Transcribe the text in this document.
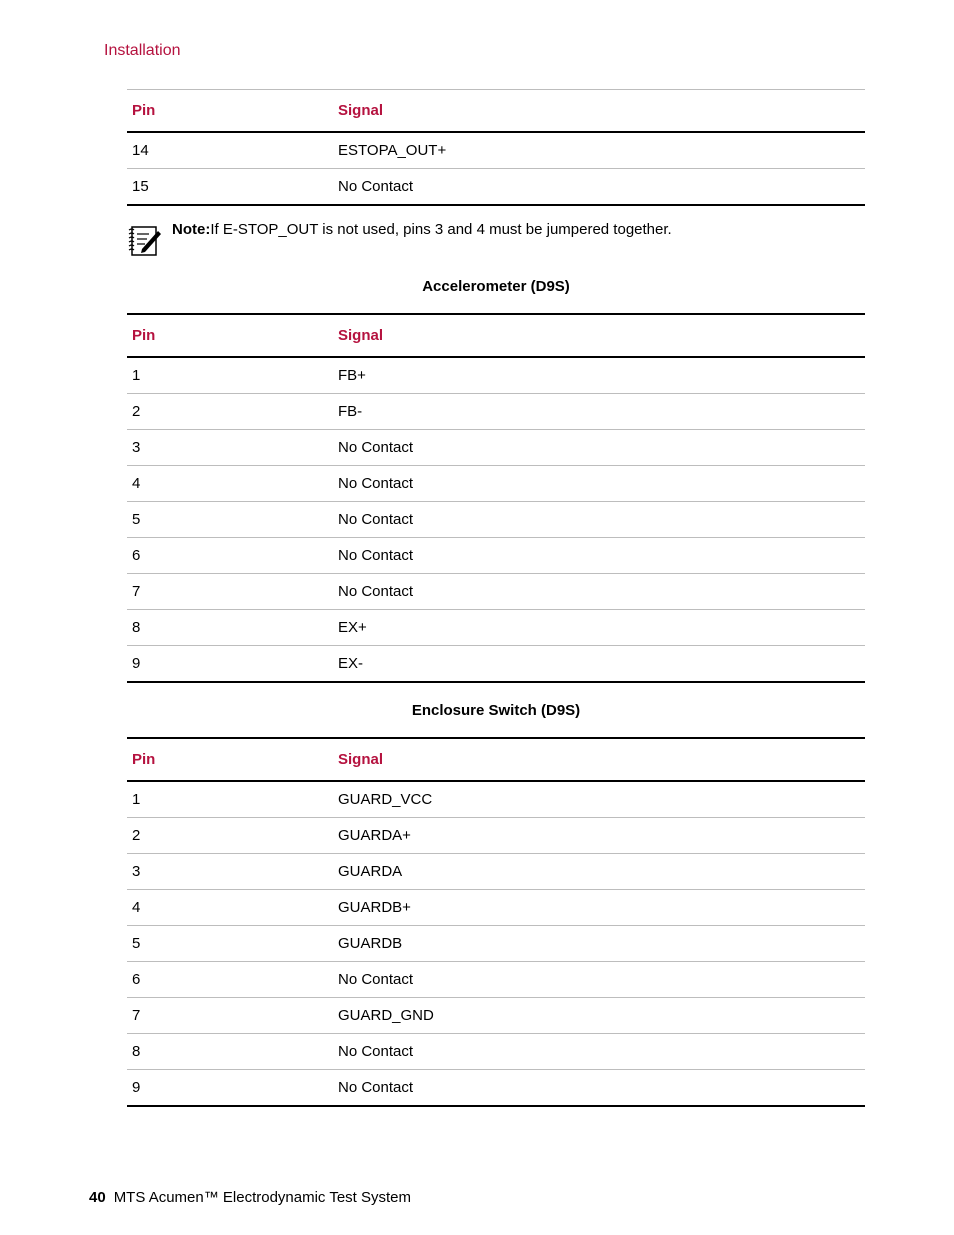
Installation
Pin	Signal
14	ESTOPA_OUT+
15	No Contact
Note:If E-STOP_OUT is not used, pins 3 and 4 must be jumpered together.
Accelerometer (D9S)
Pin	Signal
1	FB+
2	FB-
3	No Contact
4	No Contact
5	No Contact
6	No Contact
7	No Contact
8	EX+
9	EX-
Enclosure Switch (D9S)
Pin	Signal
1	GUARD_VCC
2	GUARDA+
3	GUARDA
4	GUARDB+
5	GUARDB
6	No Contact
7	GUARD_GND
8	No Contact
9	No Contact
40 MTS Acumen™ Electrodynamic Test System
